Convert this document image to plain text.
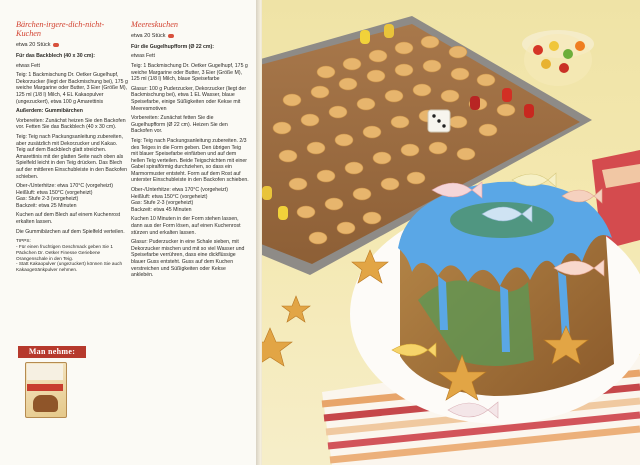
Bärchen-irgere-dich-nicht-Kuchen
etwa 20 Stück
Für das Backblech (40 x 30 cm):
etwas Fett
Teig: 1 Backmischung Dr. Oetker Gugelhupf, Dekorzucker (liegt der Backmischung bei), 175 g weiche Margarine oder Butter, 3 Eier (Größe M), 125 ml (1/8 l) Milch, 4 EL Kakaopulver (ungezuckert), etwa 100 g Amarettinis
Außerdem: Gummibärchen
Vorbereiten: Zunächst heizen Sie den Backofen vor. Fetten Sie das Backblech (40 x 30 cm).
Teig: Teig nach Packungsanleitung zubereiten, aber zusätzlich mit Dekorzucker und Kakao. Teig auf dem Backblech glatt streichen. Amarettinis mit der glatten Seite nach oben als Spielfeld leicht in den Teig drücken. Das Blech auf der mittleren Einschubleiste in den Backofen schieben.
Ober-/Unterhitze: etwa 170°C (vorgeheizt)
Heißluft: etwa 150°C (vorgeheizt)
Gas: Stufe 2-3 (vorgeheizt)
Backzeit: etwa 25 Minuten
Kuchen auf dem Blech auf einem Kuchenrost erkalten lassen.
Die Gummibärchen auf dem Spielfeld verteilen.
TIPPS:
- Für einen fruchtigen Geschmack geben Sie 1 Päckchen Dr. Oetker Finesse Geriebene Orangenschale in den Teig.
- Statt Kakaopulver (ungezuckert) können Sie auch Kakaogetränkpulver nehmen.
Meereskuchen
etwa 20 Stück
Für die Gugelhupfform (Ø 22 cm):
etwas Fett
Teig: 1 Backmischung Dr. Oetker Gugelhupf, 175 g weiche Margarine oder Butter, 3 Eier (Größe M), 125 ml (1/8 l) Milch, blaue Speisefarbe
Glasur: 100 g Puderzucker, Dekorzucker (liegt der Backmischung bei), etwa 1 EL Wasser, blaue Speisefarbe, einige Süßigkeiten oder Kekse mit Meeresmotiven
Vorbereiten: Zunächst fetten Sie die Gugelhupfform (Ø 22 cm). Heizen Sie den Backofen vor.
Teig: Teig nach Packungsanleitung zubereiten. 2/3 des Teiges in die Form geben. Den übrigen Teig mit blauer Speisefarbe einfärben und auf dem hellen Teig verteilen. Beide Teigschichten mit einer Gabel spiralförmig durchziehen, so dass ein Marmormuster entsteht. Form auf dem Rost auf unterster Einschubleiste in den Backofen schieben.
Ober-/Unterhitze: etwa 170°C (vorgeheizt)
Heißluft: etwa 150°C (vorgeheizt)
Gas: Stufe 2-3 (vorgeheizt)
Backzeit: etwa 45 Minuten
Kuchen 10 Minuten in der Form stehen lassen, dann aus der Form lösen, auf einen Kuchenrost stürzen und erkalten lassen.
Glasur: Puderzucker in eine Schale sieben, mit Dekorzucker mischen und mit so viel Wasser und Speisefarbe verrühren, dass eine dickflüssige blauer Guss entsteht. Guss auf dem Kuchen verstreichen und Süßigkeiten oder Kekse anklebén.
Man nehme:
